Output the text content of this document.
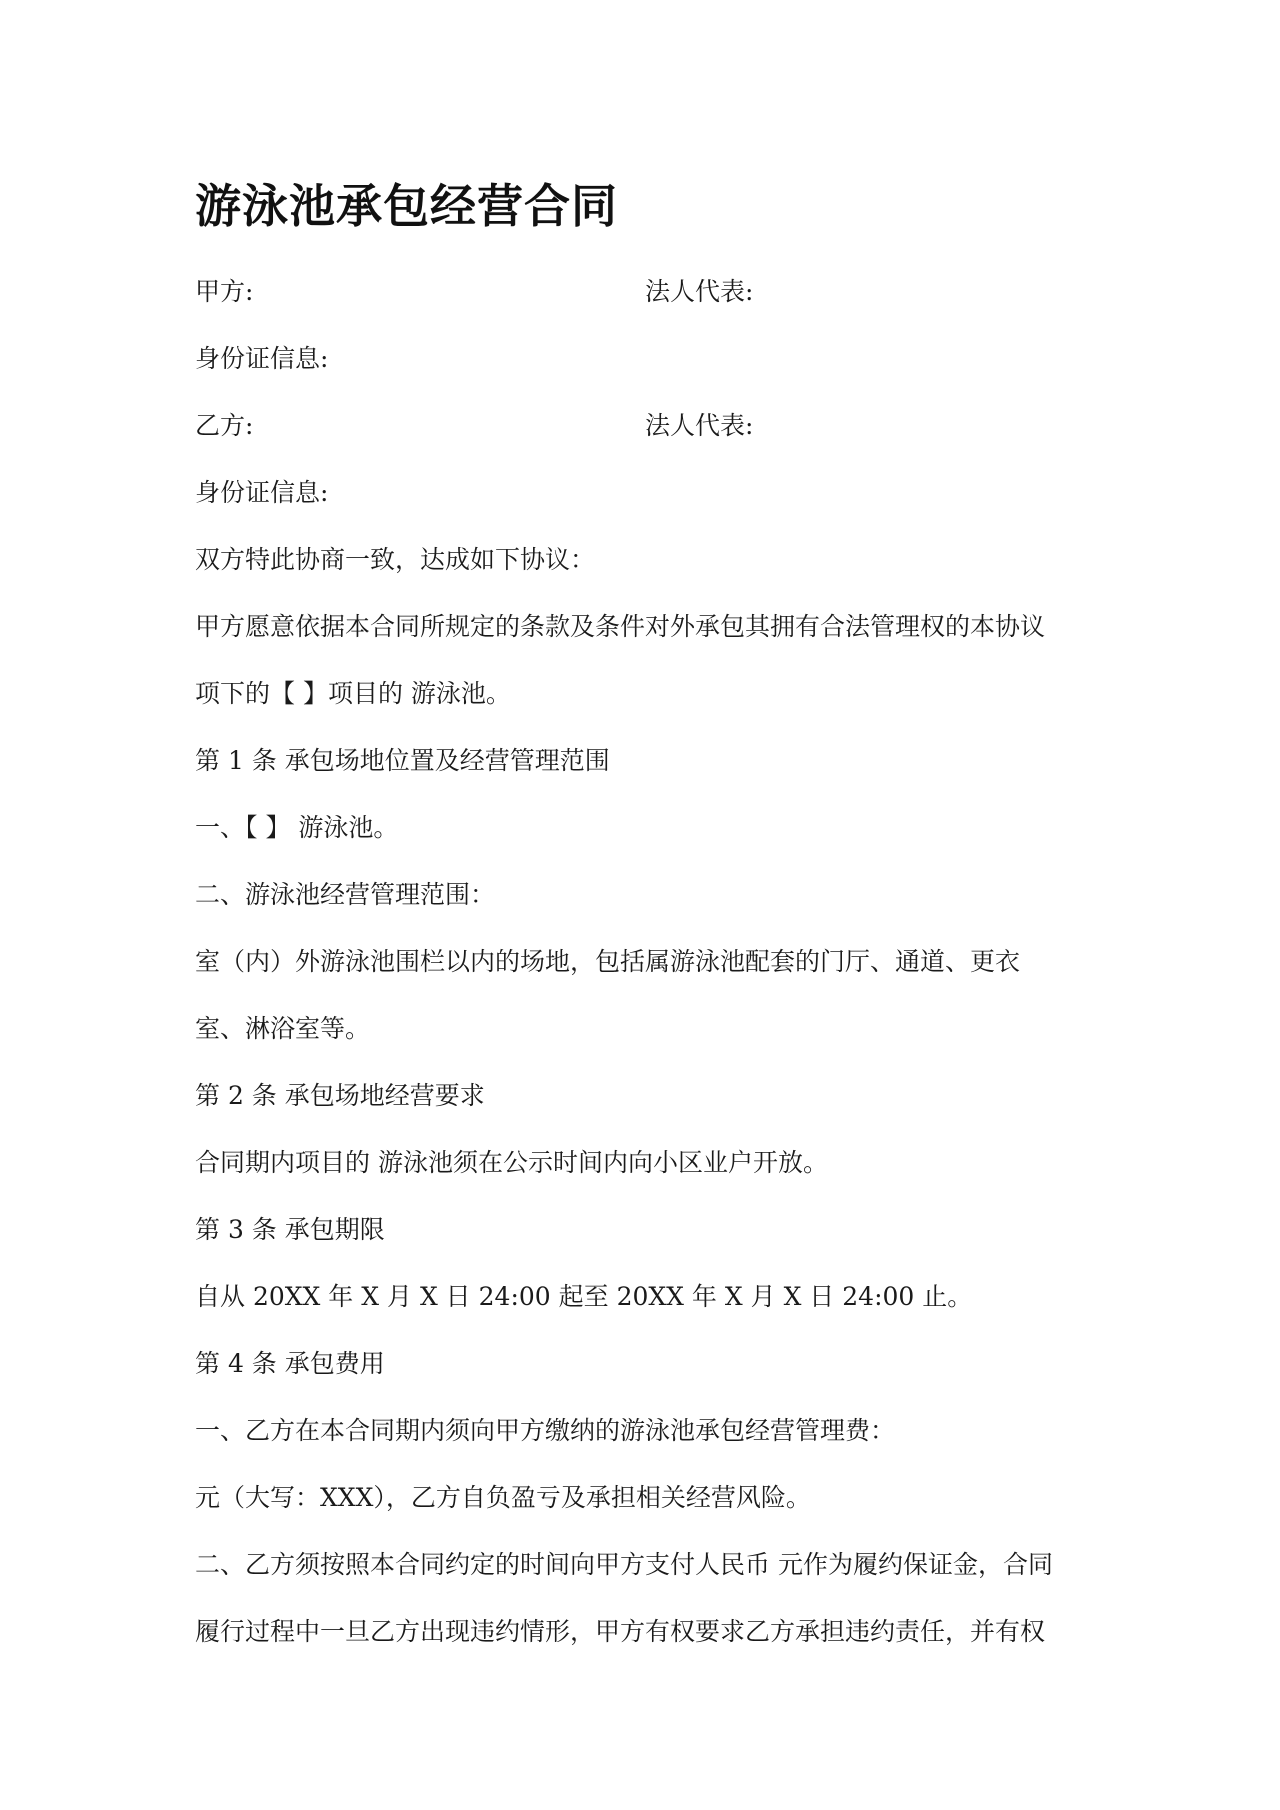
游泳池承包经营合同
甲方:	法人代表:
身份证信息:
乙方:	法人代表:
身份证信息:
双方特此协商一致，达成如下协议：
甲方愿意依据本合同所规定的条款及条件对外承包其拥有合法管理权的本协议
项下的【 】项目的 游泳池。
第 1 条 承包场地位置及经营管理范围
一、【 】 游泳池。
二、游泳池经营管理范围：
室（内）外游泳池围栏以内的场地，包括属游泳池配套的门厅、通道、更衣
室、淋浴室等。
第 2 条 承包场地经营要求
合同期内项目的 游泳池须在公示时间内向小区业户开放。
第 3 条 承包期限
自从 20XX 年 X 月 X 日 24:00 起至 20XX 年 X 月 X 日 24:00 止。
第 4 条 承包费用
一、乙方在本合同期内须向甲方缴纳的游泳池承包经营管理费：
元（大写：XXX），乙方自负盈亏及承担相关经营风险。
二、乙方须按照本合同约定的时间向甲方支付人民币 元作为履约保证金，合同
履行过程中一旦乙方出现违约情形，甲方有权要求乙方承担违约责任，并有权
